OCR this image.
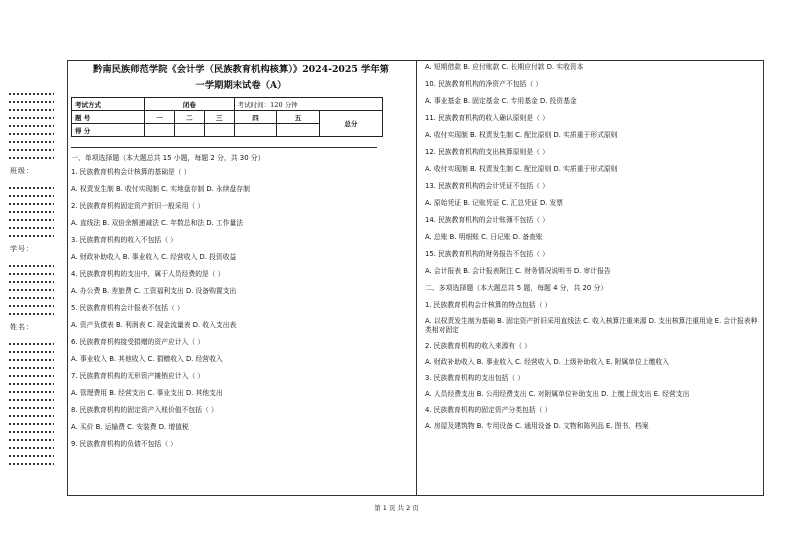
班级：
学号：
姓名：
黔南民族师范学院《会计学（民族教育机构核算）》2024-2025 学年第
一学期期末试卷（A）
考试方式	闭卷			考试时间：120 分钟		
题 号	一	二	三	四	五	总分
得 分						
一、单项选择题（本大题总共 15 小题，每题 2 分，共 30 分）
1. 民族教育机构会计核算的基础是（ ）
A. 权责发生制 B. 收付实现制 C. 实地盘存制 D. 永续盘存制
2. 民族教育机构固定资产折旧一般采用（ ）
A. 直线法 B. 双倍余额递减法 C. 年数总和法 D. 工作量法
3. 民族教育机构的收入不包括（ ）
A. 财政补助收入 B. 事业收入 C. 经营收入 D. 投资收益
4. 民族教育机构的支出中，属于人员经费的是（ ）
A. 办公费 B. 差旅费 C. 工资福利支出 D. 设备购置支出
5. 民族教育机构会计报表不包括（ ）
A. 资产负债表 B. 利润表 C. 现金流量表 D. 收入支出表
6. 民族教育机构接受捐赠的资产应计入（ ）
A. 事业收入 B. 其他收入 C. 捐赠收入 D. 经营收入
7. 民族教育机构的无形资产摊销应计入（ ）
A. 管理费用 B. 经营支出 C. 事业支出 D. 其他支出
8. 民族教育机构的固定资产入账价值不包括（ ）
A. 买价 B. 运输费 C. 安装费 D. 增值税
9. 民族教育机构的负债不包括（ ）
A. 短期借款 B. 应付账款 C. 长期应付款 D. 实收资本
10. 民族教育机构的净资产不包括（ ）
A. 事业基金 B. 固定基金 C. 专用基金 D. 投资基金
11. 民族教育机构的收入确认原则是（ ）
A. 收付实现制 B. 权责发生制 C. 配比原则 D. 实质重于形式原则
12. 民族教育机构的支出核算原则是（ ）
A. 收付实现制 B. 权责发生制 C. 配比原则 D. 实质重于形式原则
13. 民族教育机构的会计凭证不包括（ ）
A. 原始凭证 B. 记账凭证 C. 汇总凭证 D. 发票
14. 民族教育机构的会计账簿不包括（ ）
A. 总账 B. 明细账 C. 日记账 D. 备查账
15. 民族教育机构的财务报告不包括（ ）
A. 会计报表 B. 会计报表附注 C. 财务情况说明书 D. 审计报告
二、多项选择题（本大题总共 5 题，每题 4 分，共 20 分）
1. 民族教育机构会计核算的特点包括（ ）
A. 以权责发生制为基础 B. 固定资产折旧采用直线法 C. 收入核算注重来源 D. 支出核算注重用途 E. 会计报表种类相对固定
2. 民族教育机构的收入来源有（ ）
A. 财政补助收入 B. 事业收入 C. 经营收入 D. 上级补助收入 E. 附属单位上缴收入
3. 民族教育机构的支出包括（ ）
A. 人员经费支出 B. 公用经费支出 C. 对附属单位补助支出 D. 上缴上级支出 E. 经营支出
4. 民族教育机构的固定资产分类包括（ ）
A. 房屋及建筑物 B. 专用设备 C. 通用设备 D. 文物和陈列品 E. 图书、档案
第 1 页 共 2 页
